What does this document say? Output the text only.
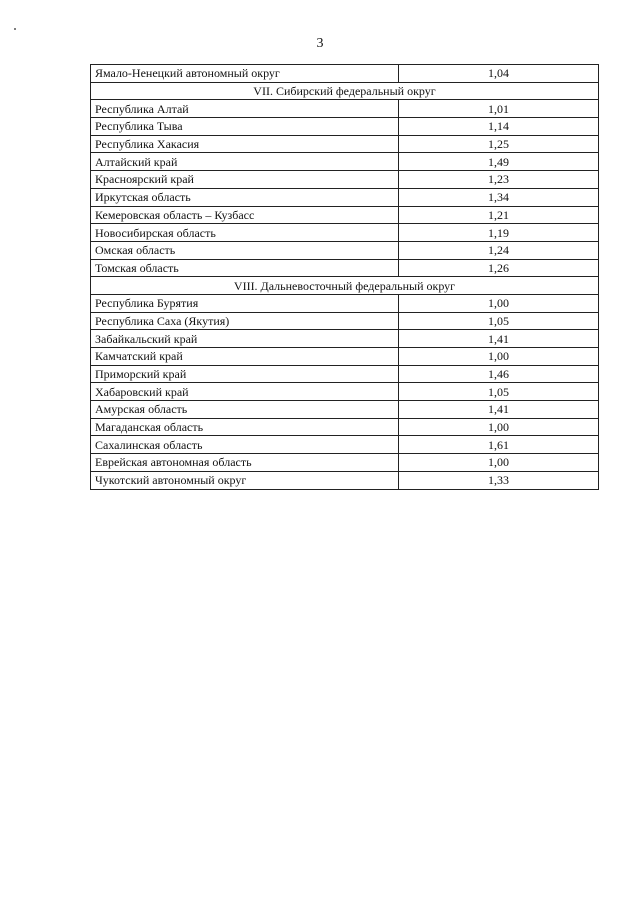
3
Ямало-Ненецкий автономный округ	1,04
VII. Сибирский федеральный округ	
Республика Алтай	1,01
Республика Тыва	1,14
Республика Хакасия	1,25
Алтайский край	1,49
Красноярский край	1,23
Иркутская область	1,34
Кемеровская область – Кузбасс	1,21
Новосибирская область	1,19
Омская область	1,24
Томская область	1,26
VIII. Дальневосточный федеральный округ	
Республика Бурятия	1,00
Республика Саха (Якутия)	1,05
Забайкальский край	1,41
Камчатский край	1,00
Приморский край	1,46
Хабаровский край	1,05
Амурская область	1,41
Магаданская область	1,00
Сахалинская область	1,61
Еврейская автономная область	1,00
Чукотский автономный округ	1,33
